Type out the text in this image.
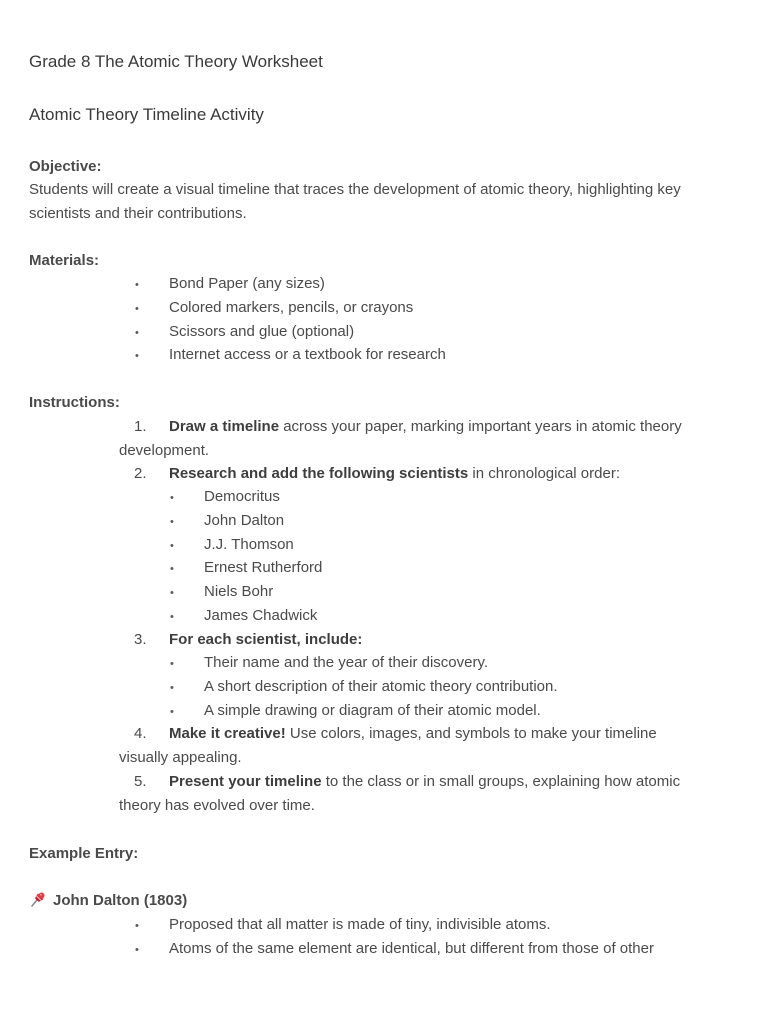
Grade 8 The Atomic Theory Worksheet
Atomic Theory Timeline Activity
Objective:
Students will create a visual timeline that traces the development of atomic theory, highlighting key
scientists and their contributions.
Materials:
• Bond Paper (any sizes)
• Colored markers, pencils, or crayons
• Scissors and glue (optional)
• Internet access or a textbook for research
Instructions:
1. Draw a timeline across your paper, marking important years in atomic theory
development.
2. Research and add the following scientists in chronological order:
• Democritus
• John Dalton
• J.J. Thomson
• Ernest Rutherford
• Niels Bohr
• James Chadwick
3. For each scientist, include:
• Their name and the year of their discovery.
• A short description of their atomic theory contribution.
• A simple drawing or diagram of their atomic model.
4. Make it creative! Use colors, images, and symbols to make your timeline
visually appealing.
5. Present your timeline to the class or in small groups, explaining how atomic
theory has evolved over time.
Example Entry:
John Dalton (1803)
• Proposed that all matter is made of tiny, indivisible atoms.
• Atoms of the same element are identical, but different from those of other
